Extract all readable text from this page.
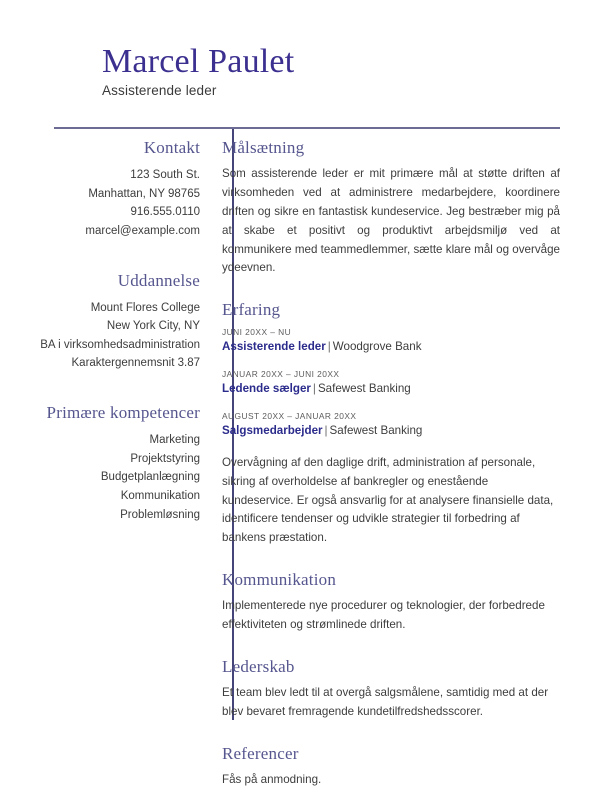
Marcel Paulet
Assisterende leder
Kontakt
123 South St.
Manhattan, NY 98765
916.555.0110
marcel@example.com
Uddannelse
Mount Flores College
New York City, NY
BA i virksomhedsadministration
Karaktergennemsnit 3.87
Primære kompetencer
Marketing
Projektstyring
Budgetplanlægning
Kommunikation
Problemløsning
Målsætning

Som assisterende leder er mit primære mål at støtte driften af virksomheden ved at administrere medarbejdere, koordinere driften og sikre en fantastisk kundeservice. Jeg bestræber mig på at skabe et positivt og produktivt arbejdsmiljø ved at kommunikere med teammedlemmer, sætte klare mål og overvåge ydeevnen.

Erfaring
JUNI 20XX – NU
Assisterende leder | Woodgrove Bank
JANUAR 20XX – JUNI 20XX
Ledende sælger | Safewest Banking
AUGUST 20XX – JANUAR 20XX
Salgsmedarbejder | Safewest Banking

Overvågning af den daglige drift, administration af personale, sikring af overholdelse af bankregler og enestående kundeservice. Er også ansvarlig for at analysere finansielle data, identificere tendenser og udvikle strategier til forbedring af bankens præstation.

Kommunikation

Implementerede nye procedurer og teknologier, der forbedrede effektiviteten og strømlinede driften.

Lederskab

Et team blev ledt til at overgå salgsmålene, samtidig med at der blev bevaret fremragende kundetilfredshedsscorer.

Referencer

Fås på anmodning.
